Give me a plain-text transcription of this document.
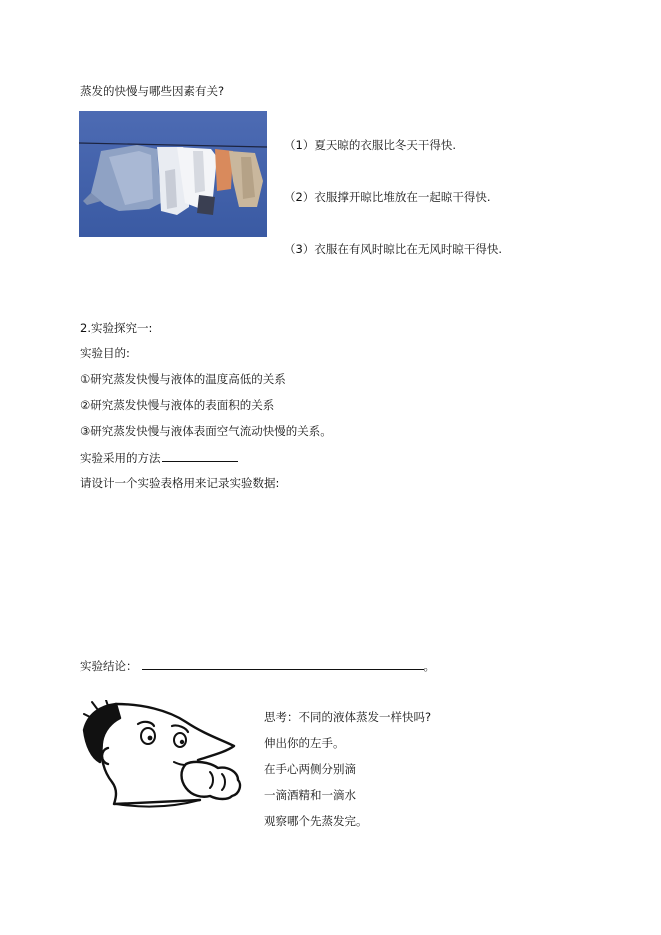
蒸发的快慢与哪些因素有关?
（1）夏天晾的衣服比冬天干得快.
（2）衣服撑开晾比堆放在一起晾干得快.
（3）衣服在有风时晾比在无风时晾干得快.
2.实验探究一:
实验目的:
①研究蒸发快慢与液体的温度高低的关系
②研究蒸发快慢与液体的表面积的关系
③研究蒸发快慢与液体表面空气流动快慢的关系。
实验采用的方法
请设计一个实验表格用来记录实验数据:
实验结论：	。
思考：不同的液体蒸发一样快吗?
伸出你的左手。
在手心两侧分别滴
一滴酒精和一滴水
观察哪个先蒸发完。
